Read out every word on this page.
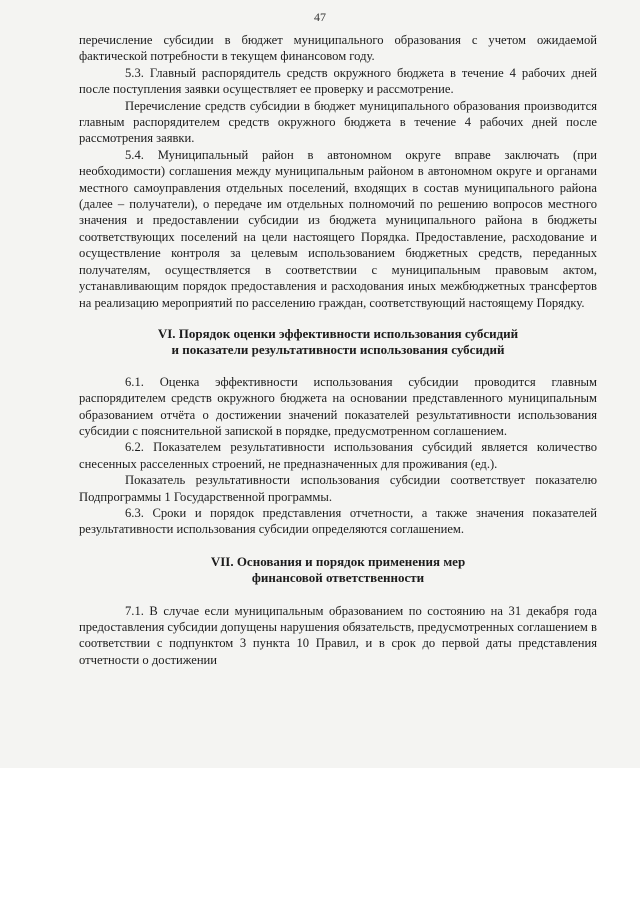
47

перечисление субсидии в бюджет муниципального образования с учетом ожидаемой фактической потребности в текущем финансовом году.

5.3. Главный распорядитель средств окружного бюджета в течение 4 рабочих дней после поступления заявки осуществляет ее проверку и рассмотрение.

Перечисление средств субсидии в бюджет муниципального образования производится главным распорядителем средств окружного бюджета в течение 4 рабочих дней после рассмотрения заявки.

5.4. Муниципальный район в автономном округе вправе заключать (при необходимости) соглашения между муниципальным районом в автономном округе и органами местного самоуправления отдельных поселений, входящих в состав муниципального района (далее – получатели), о передаче им отдельных полномочий по решению вопросов местного значения и предоставлении субсидии из бюджета муниципального района в бюджеты соответствующих поселений на цели настоящего Порядка. Предоставление, расходование и осуществление контроля за целевым использованием бюджетных средств, переданных получателям, осуществляется в соответствии с муниципальным правовым актом, устанавливающим порядок предоставления и расходования иных межбюджетных трансфертов на реализацию мероприятий по расселению граждан, соответствующий настоящему Порядку.

VI. Порядок оценки эффективности использования субсидий
и показатели результативности использования субсидий

6.1. Оценка эффективности использования субсидии проводится главным распорядителем средств окружного бюджета на основании представленного муниципальным образованием отчёта о достижении значений показателей результативности использования субсидии с пояснительной запиской в порядке, предусмотренном соглашением.

6.2. Показателем результативности использования субсидий является количество снесенных расселенных строений, не предназначенных для проживания (ед.).

Показатель результативности использования субсидии соответствует показателю Подпрограммы 1 Государственной программы.

6.3. Сроки и порядок представления отчетности, а также значения показателей результативности использования субсидии определяются соглашением.

VII. Основания и порядок применения мер
финансовой ответственности

7.1. В случае если муниципальным образованием по состоянию на 31 декабря года предоставления субсидии допущены нарушения обязательств, предусмотренных соглашением в соответствии с подпунктом 3 пункта 10 Правил, и в срок до первой даты представления отчетности о достижении
